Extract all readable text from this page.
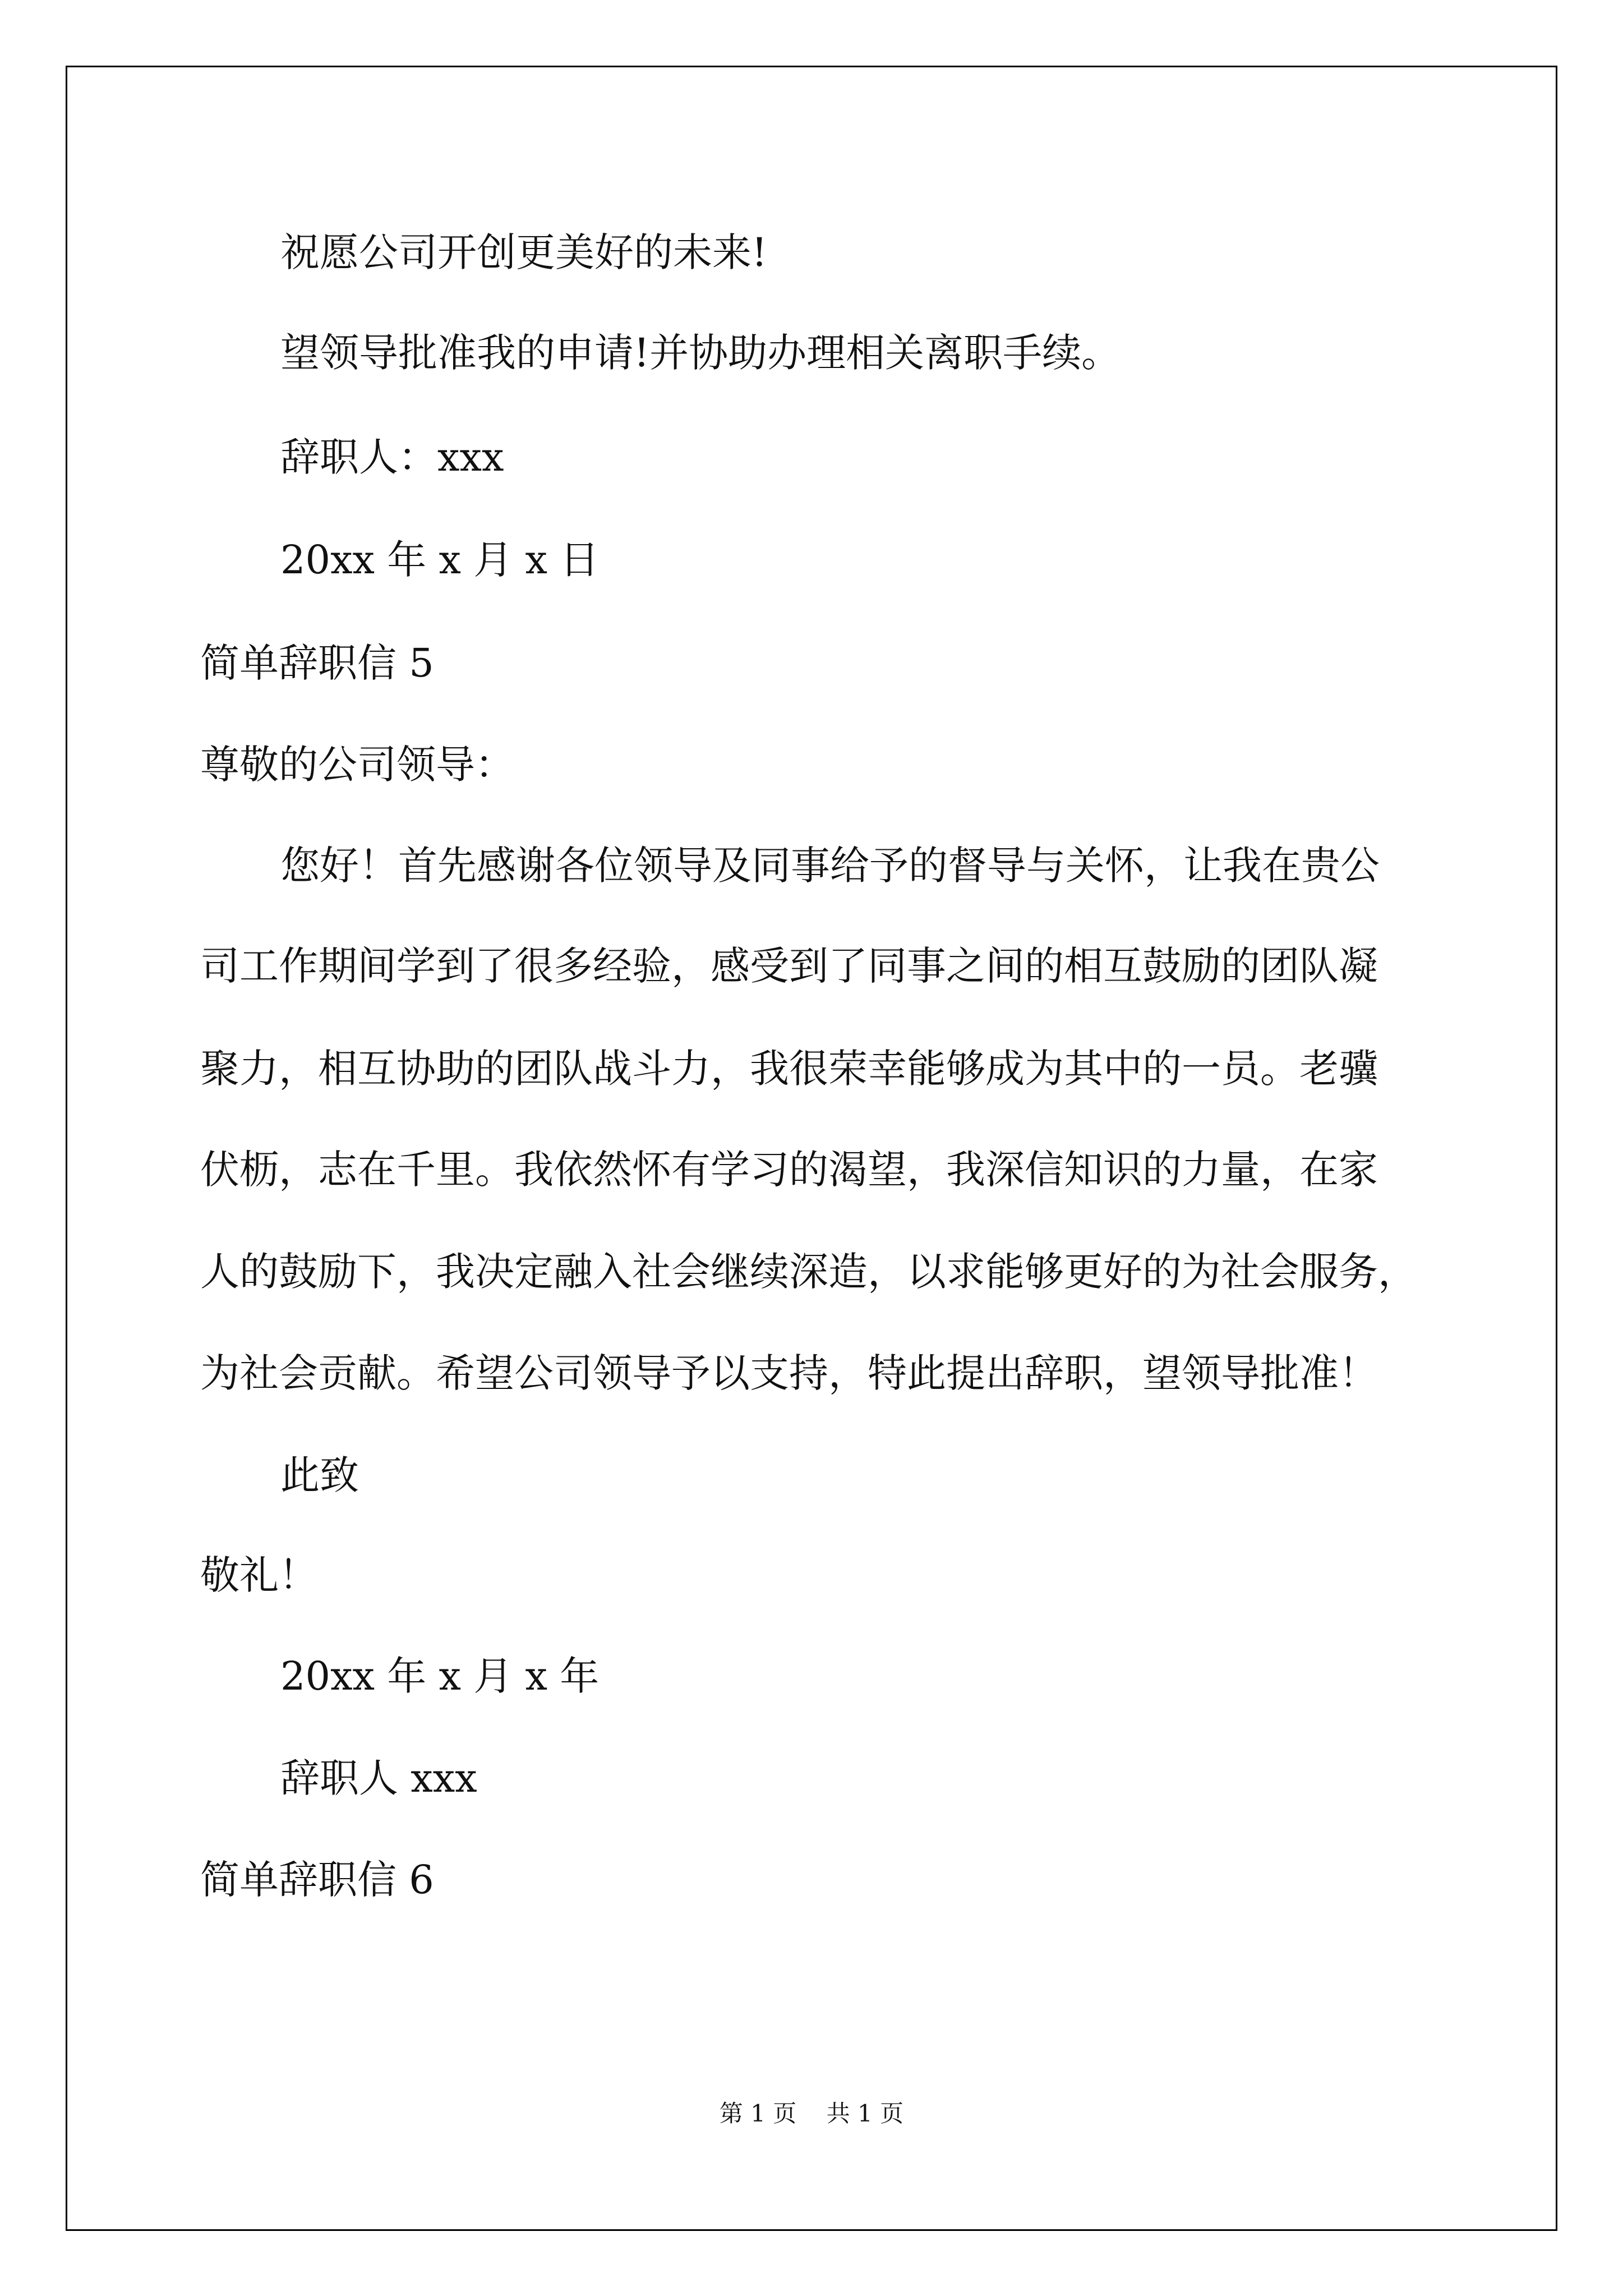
祝愿公司开创更美好的未来!
望领导批准我的申请!并协助办理相关离职手续。
辞职人：xxx
20xx 年 x 月 x 日
简单辞职信 5
尊敬的公司领导：
您好！首先感谢各位领导及同事给予的督导与关怀，让我在贵公
司工作期间学到了很多经验，感受到了同事之间的相互鼓励的团队凝
聚力，相互协助的团队战斗力，我很荣幸能够成为其中的一员。老骥
伏枥，志在千里。我依然怀有学习的渴望，我深信知识的力量，在家
人的鼓励下，我决定融入社会继续深造，以求能够更好的为社会服务，
为社会贡献。希望公司领导予以支持，特此提出辞职，望领导批准！
此致
敬礼！
20xx 年 x 月 x 年
辞职人 xxx
简单辞职信 6
第 1 页    共 1 页
